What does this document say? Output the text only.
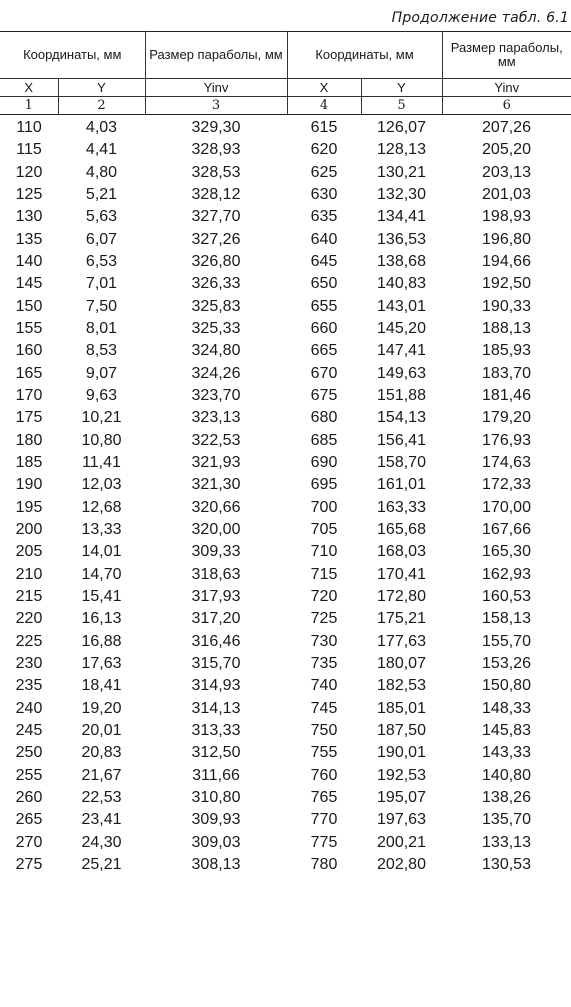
Продолжение табл. 6.1
Координаты, мм		Размер параболы, мм	Координаты, мм		Размер параболы, мм
X	Y	Yinv	X	Y	Yinv
1	2	3	4	5	6
110	4,03	329,30	615	126,07	207,26
115	4,41	328,93	620	128,13	205,20
120	4,80	328,53	625	130,21	203,13
125	5,21	328,12	630	132,30	201,03
130	5,63	327,70	635	134,41	198,93
135	6,07	327,26	640	136,53	196,80
140	6,53	326,80	645	138,68	194,66
145	7,01	326,33	650	140,83	192,50
150	7,50	325,83	655	143,01	190,33
155	8,01	325,33	660	145,20	188,13
160	8,53	324,80	665	147,41	185,93
165	9,07	324,26	670	149,63	183,70
170	9,63	323,70	675	151,88	181,46
175	10,21	323,13	680	154,13	179,20
180	10,80	322,53	685	156,41	176,93
185	11,41	321,93	690	158,70	174,63
190	12,03	321,30	695	161,01	172,33
195	12,68	320,66	700	163,33	170,00
200	13,33	320,00	705	165,68	167,66
205	14,01	309,33	710	168,03	165,30
210	14,70	318,63	715	170,41	162,93
215	15,41	317,93	720	172,80	160,53
220	16,13	317,20	725	175,21	158,13
225	16,88	316,46	730	177,63	155,70
230	17,63	315,70	735	180,07	153,26
235	18,41	314,93	740	182,53	150,80
240	19,20	314,13	745	185,01	148,33
245	20,01	313,33	750	187,50	145,83
250	20,83	312,50	755	190,01	143,33
255	21,67	311,66	760	192,53	140,80
260	22,53	310,80	765	195,07	138,26
265	23,41	309,93	770	197,63	135,70
270	24,30	309,03	775	200,21	133,13
275	25,21	308,13	780	202,80	130,53
